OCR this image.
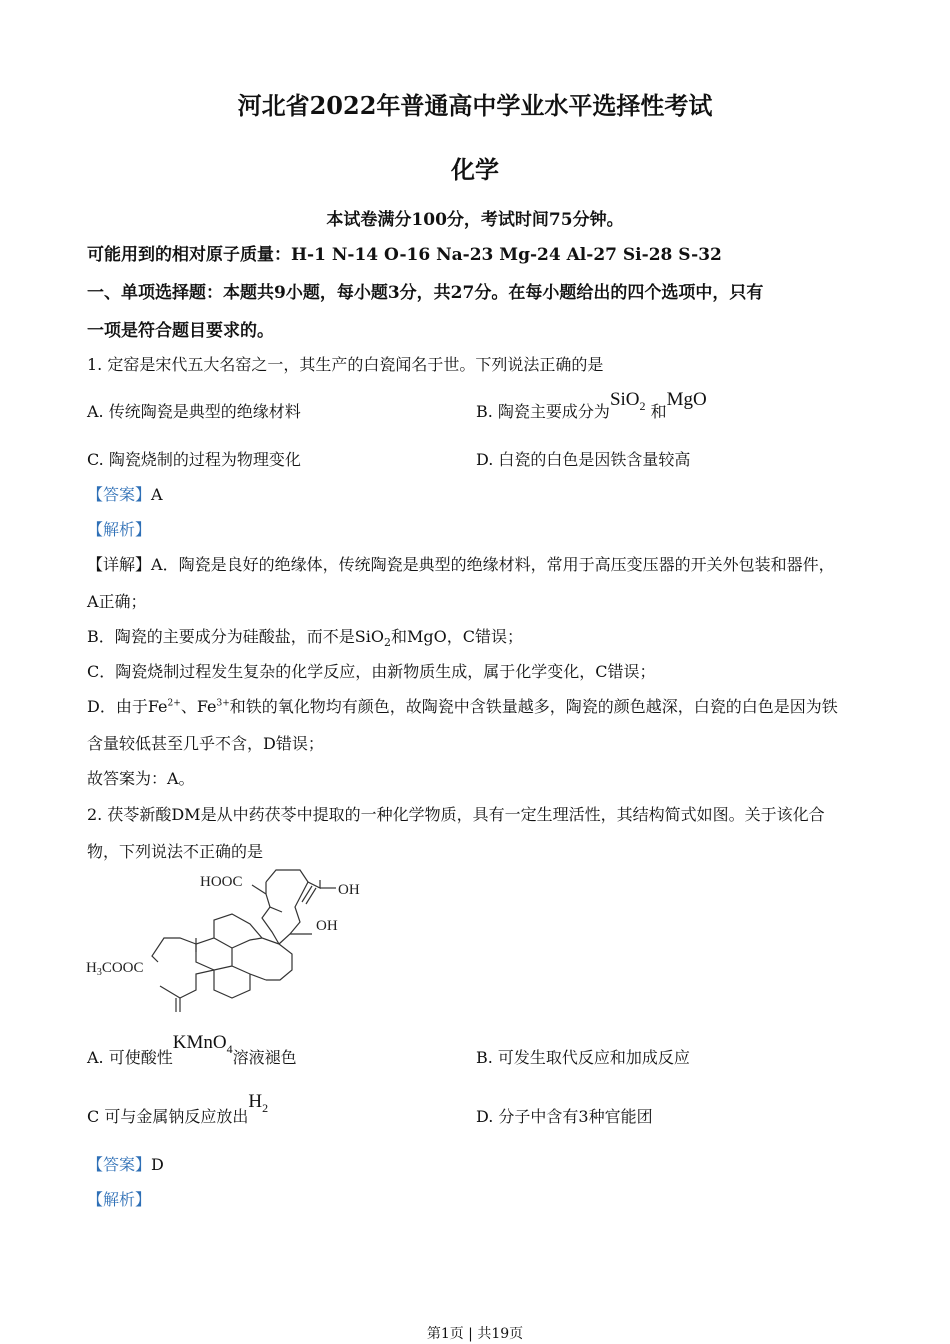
河北省2022年普通高中学业水平选择性考试
化学
本试卷满分100分，考试时间75分钟。
可能用到的相对原子质量：H-1 N-14 O-16 Na-23 Mg-24 Al-27 Si-28 S-32
一、单项选择题：本题共9小题，每小题3分，共27分。在每小题给出的四个选项中，只有
一项是符合题目要求的。
1. 定窑是宋代五大名窑之一，其生产的白瓷闻名于世。下列说法正确的是
A. 传统陶瓷是典型的绝缘材料	B. 陶瓷主要成分为SiO$_2$ 和MgO
C. 陶瓷烧制的过程为物理变化	D. 白瓷的白色是因铁含量较高
【答案】A
【解析】
【详解】A．陶瓷是良好的绝缘体，传统陶瓷是典型的绝缘材料，常用于高压变压器的开关外包装和器件，
A正确；
B．陶瓷的主要成分为硅酸盐，而不是SiO$_2$和MgO，C错误；
C．陶瓷烧制过程发生复杂的化学反应，由新物质生成，属于化学变化，C错误；
D．由于$Fe^{2+}$、$Fe^{3+}$和铁的氧化物均有颜色，故陶瓷中含铁量越多，陶瓷的颜色越深，白瓷的白色是因为铁
含量较低甚至几乎不含，D错误；
故答案为：A。
2. 茯苓新酸DM是从中药茯苓中提取的一种化学物质，具有一定生理活性，其结构简式如图。关于该化合
物，下列说法不正确的是
HOOC	OH
OH
$H_3COOC$
A. 可使酸性KMnO$_4$溶液褪色	B. 可发生取代反应和加成反应
C 可与金属钠反应放出$H_2$	D. 分子中含有3种官能团
【答案】D
【解析】
第1页 | 共19页
